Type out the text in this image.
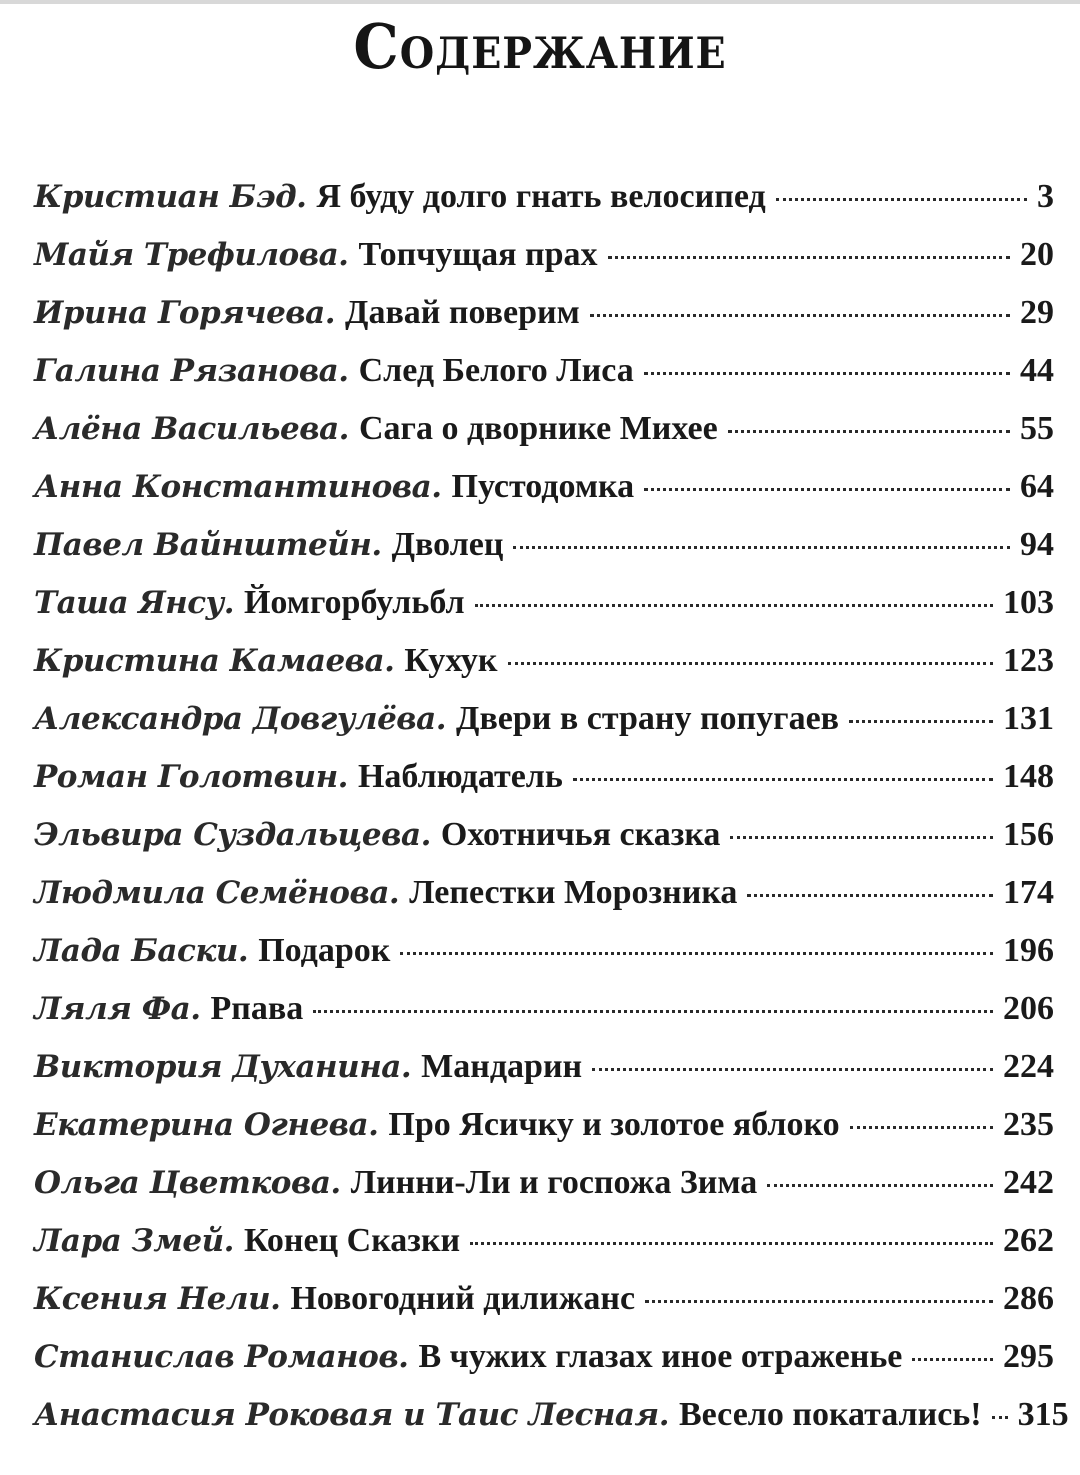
Содержание
Кристиан Бэд. Я буду долго гнать велосипед	3
Майя Трефилова. Топчущая прах	20
Ирина Горячева. Давай поверим	29
Галина Рязанова. След Белого Лиса	44
Алёна Васильева. Сага о дворнике Михее	55
Анна Константинова. Пустодомка	64
Павел Вайнштейн. Дволец	94
Таша Янсу. Йомгорбульбл	103
Кристина Камаева. Кухук	123
Александра Довгулёва. Двери в страну попугаев	131
Роман Голотвин. Наблюдатель	148
Эльвира Суздальцева. Охотничья сказка	156
Людмила Семёнова. Лепестки Морозника	174
Лада Баски. Подарок	196
Ляля Фа. Рпава	206
Виктория Духанина. Мандарин	224
Екатерина Огнева. Про Ясичку и золотое яблоко	235
Ольга Цветкова. Линни-Ли и госпожа Зима	242
Лара Змей. Конец Сказки	262
Ксения Нели. Новогодний дилижанс	286
Станислав Романов. В чужих глазах иное отраженье	295
Анастасия Роковая и Таис Лесная. Весело покатались! 315
